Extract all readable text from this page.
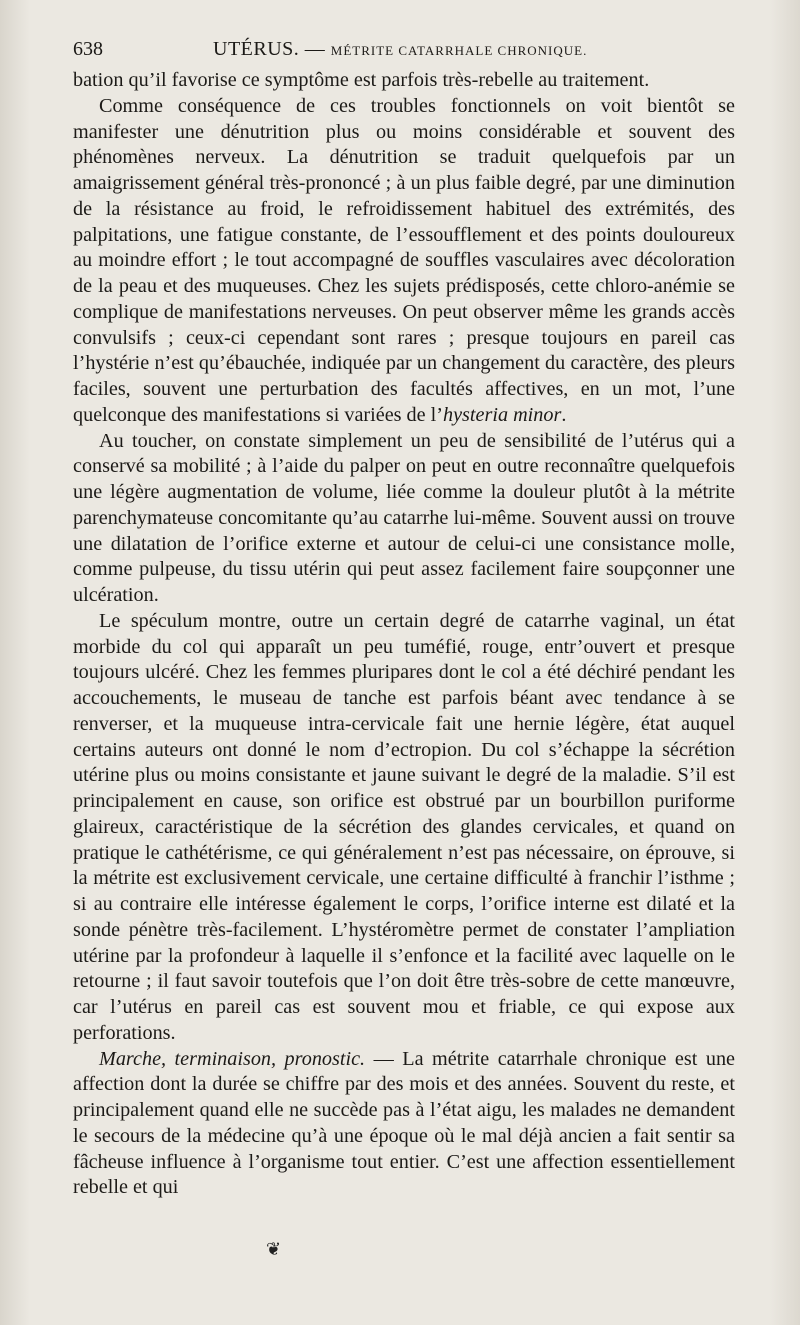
638	UTÉRUS. — MÉTRITE CATARRHALE CHRONIQUE.

bation qu’il favorise ce symptôme est parfois très-rebelle au traitement.

Comme conséquence de ces troubles fonctionnels on voit bientôt se manifester une dénutrition plus ou moins considérable et souvent des phénomènes nerveux. La dénutrition se traduit quelquefois par un amaigrissement général très-prononcé ; à un plus faible degré, par une diminution de la résistance au froid, le refroidissement habituel des extrémités, des palpitations, une fatigue constante, de l’essoufflement et des points douloureux au moindre effort ; le tout accompagné de souffles vasculaires avec décoloration de la peau et des muqueuses. Chez les sujets prédisposés, cette chloro-anémie se complique de manifestations nerveuses. On peut observer même les grands accès convulsifs ; ceux-ci cependant sont rares ; presque toujours en pareil cas l’hystérie n’est qu’ébauchée, indiquée par un changement du caractère, des pleurs faciles, souvent une perturbation des facultés affectives, en un mot, l’une quelconque des manifestations si variées de l’hysteria minor.

Au toucher, on constate simplement un peu de sensibilité de l’utérus qui a conservé sa mobilité ; à l’aide du palper on peut en outre reconnaître quelquefois une légère augmentation de volume, liée comme la douleur plutôt à la métrite parenchymateuse concomitante qu’au catarrhe lui-même. Souvent aussi on trouve une dilatation de l’orifice externe et autour de celui-ci une consistance molle, comme pulpeuse, du tissu utérin qui peut assez facilement faire soupçonner une ulcération.

Le spéculum montre, outre un certain degré de catarrhe vaginal, un état morbide du col qui apparaît un peu tuméfié, rouge, entr’ouvert et presque toujours ulcéré. Chez les femmes pluripares dont le col a été déchiré pendant les accouchements, le museau de tanche est parfois béant avec tendance à se renverser, et la muqueuse intra-cervicale fait une hernie légère, état auquel certains auteurs ont donné le nom d’ectropion. Du col s’échappe la sécrétion utérine plus ou moins consistante et jaune suivant le degré de la maladie. S’il est principalement en cause, son orifice est obstrué par un bourbillon puriforme glaireux, caractéristique de la sécrétion des glandes cervicales, et quand on pratique le cathétérisme, ce qui généralement n’est pas nécessaire, on éprouve, si la métrite est exclusivement cervicale, une certaine difficulté à franchir l’isthme ; si au contraire elle intéresse également le corps, l’orifice interne est dilaté et la sonde pénètre très-facilement. L’hystéromètre permet de constater l’ampliation utérine par la profondeur à laquelle il s’enfonce et la facilité avec laquelle on le retourne ; il faut savoir toutefois que l’on doit être très-sobre de cette manœuvre, car l’utérus en pareil cas est souvent mou et friable, ce qui expose aux perforations.

Marche, terminaison, pronostic. — La métrite catarrhale chronique est une affection dont la durée se chiffre par des mois et des années. Souvent du reste, et principalement quand elle ne succède pas à l’état aigu, les malades ne demandent le secours de la médecine qu’à une époque où le mal déjà ancien a fait sentir sa fâcheuse influence à l’organisme tout entier. C’est une affection essentiellement rebelle et qui

❦
